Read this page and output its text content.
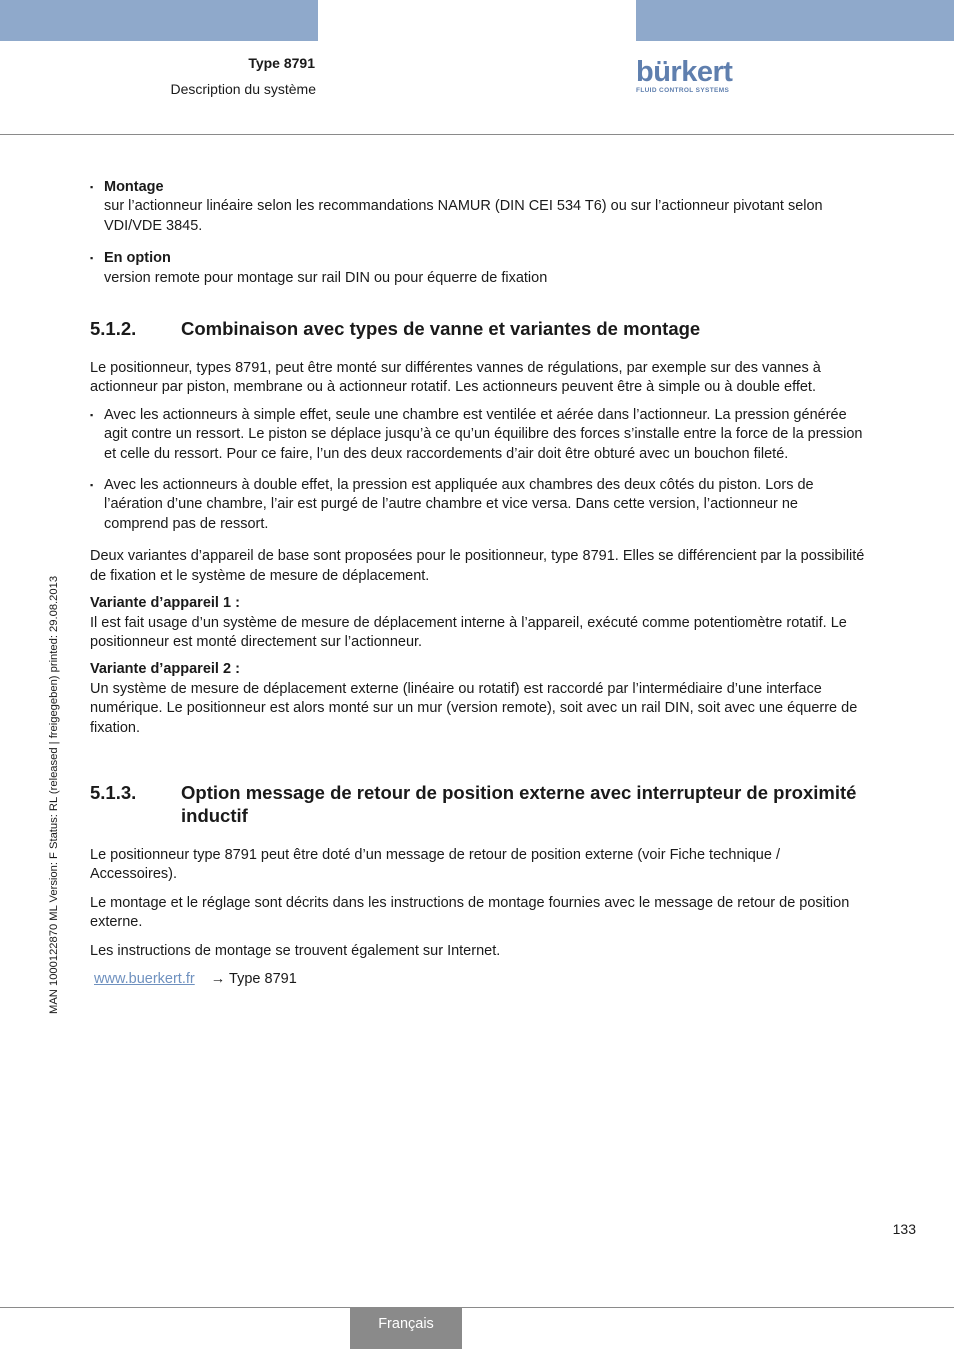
Type 8791
Description du système
bürkert
FLUID CONTROL SYSTEMS
MAN 1000122870 ML Version: F Status: RL (released | freigegeben) printed: 29.08.2013
▪ Montage
sur l’actionneur linéaire selon les recommandations NAMUR (DIN CEI 534 T6) ou sur l’actionneur pivotant selon VDI/VDE 3845.
▪ En option
version remote pour montage sur rail DIN ou pour équerre de fixation
5.1.2. Combinaison avec types de vanne et variantes de montage

Le positionneur, types 8791, peut être monté sur différentes vannes de régulations, par exemple sur des vannes à actionneur par piston, membrane ou à actionneur rotatif. Les actionneurs peuvent être à simple ou à double effet.

▪ Avec les actionneurs à simple effet, seule une chambre est ventilée et aérée dans l’actionneur. La pression générée agit contre un ressort. Le piston se déplace jusqu’à ce qu’un équilibre des forces s’installe entre la force de la pression et celle du ressort. Pour ce faire, l’un des deux raccordements d’air doit être obturé avec un bouchon fileté.
▪ Avec les actionneurs à double effet, la pression est appliquée aux chambres des deux côtés du piston. Lors de l’aération d’une chambre, l’air est purgé de l’autre chambre et vice versa. Dans cette version, l’actionneur ne comprend pas de ressort.

Deux variantes d’appareil de base sont proposées pour le positionneur, type 8791. Elles se différencient par la possibilité de fixation et le système de mesure de déplacement.

Variante d’appareil 1 :
Il est fait usage d’un système de mesure de déplacement interne à l’appareil, exécuté comme potentiomètre rotatif. Le positionneur est monté directement sur l’actionneur.
Variante d’appareil 2 :
Un système de mesure de déplacement externe (linéaire ou rotatif) est raccordé par l’intermédiaire d’une interface numérique. Le positionneur est alors monté sur un mur (version remote), soit avec un rail DIN, soit avec une équerre de fixation.
5.1.3. Option message de retour de position externe avec interrupteur de proximité inductif

Le positionneur type 8791 peut être doté d’un message de retour de position externe (voir Fiche technique / Accessoires).

Le montage et le réglage sont décrits dans les instructions de montage fournies avec le message de retour de position externe.

Les instructions de montage se trouvent également sur Internet.

www.buerkert.fr → Type 8791

133
Français
